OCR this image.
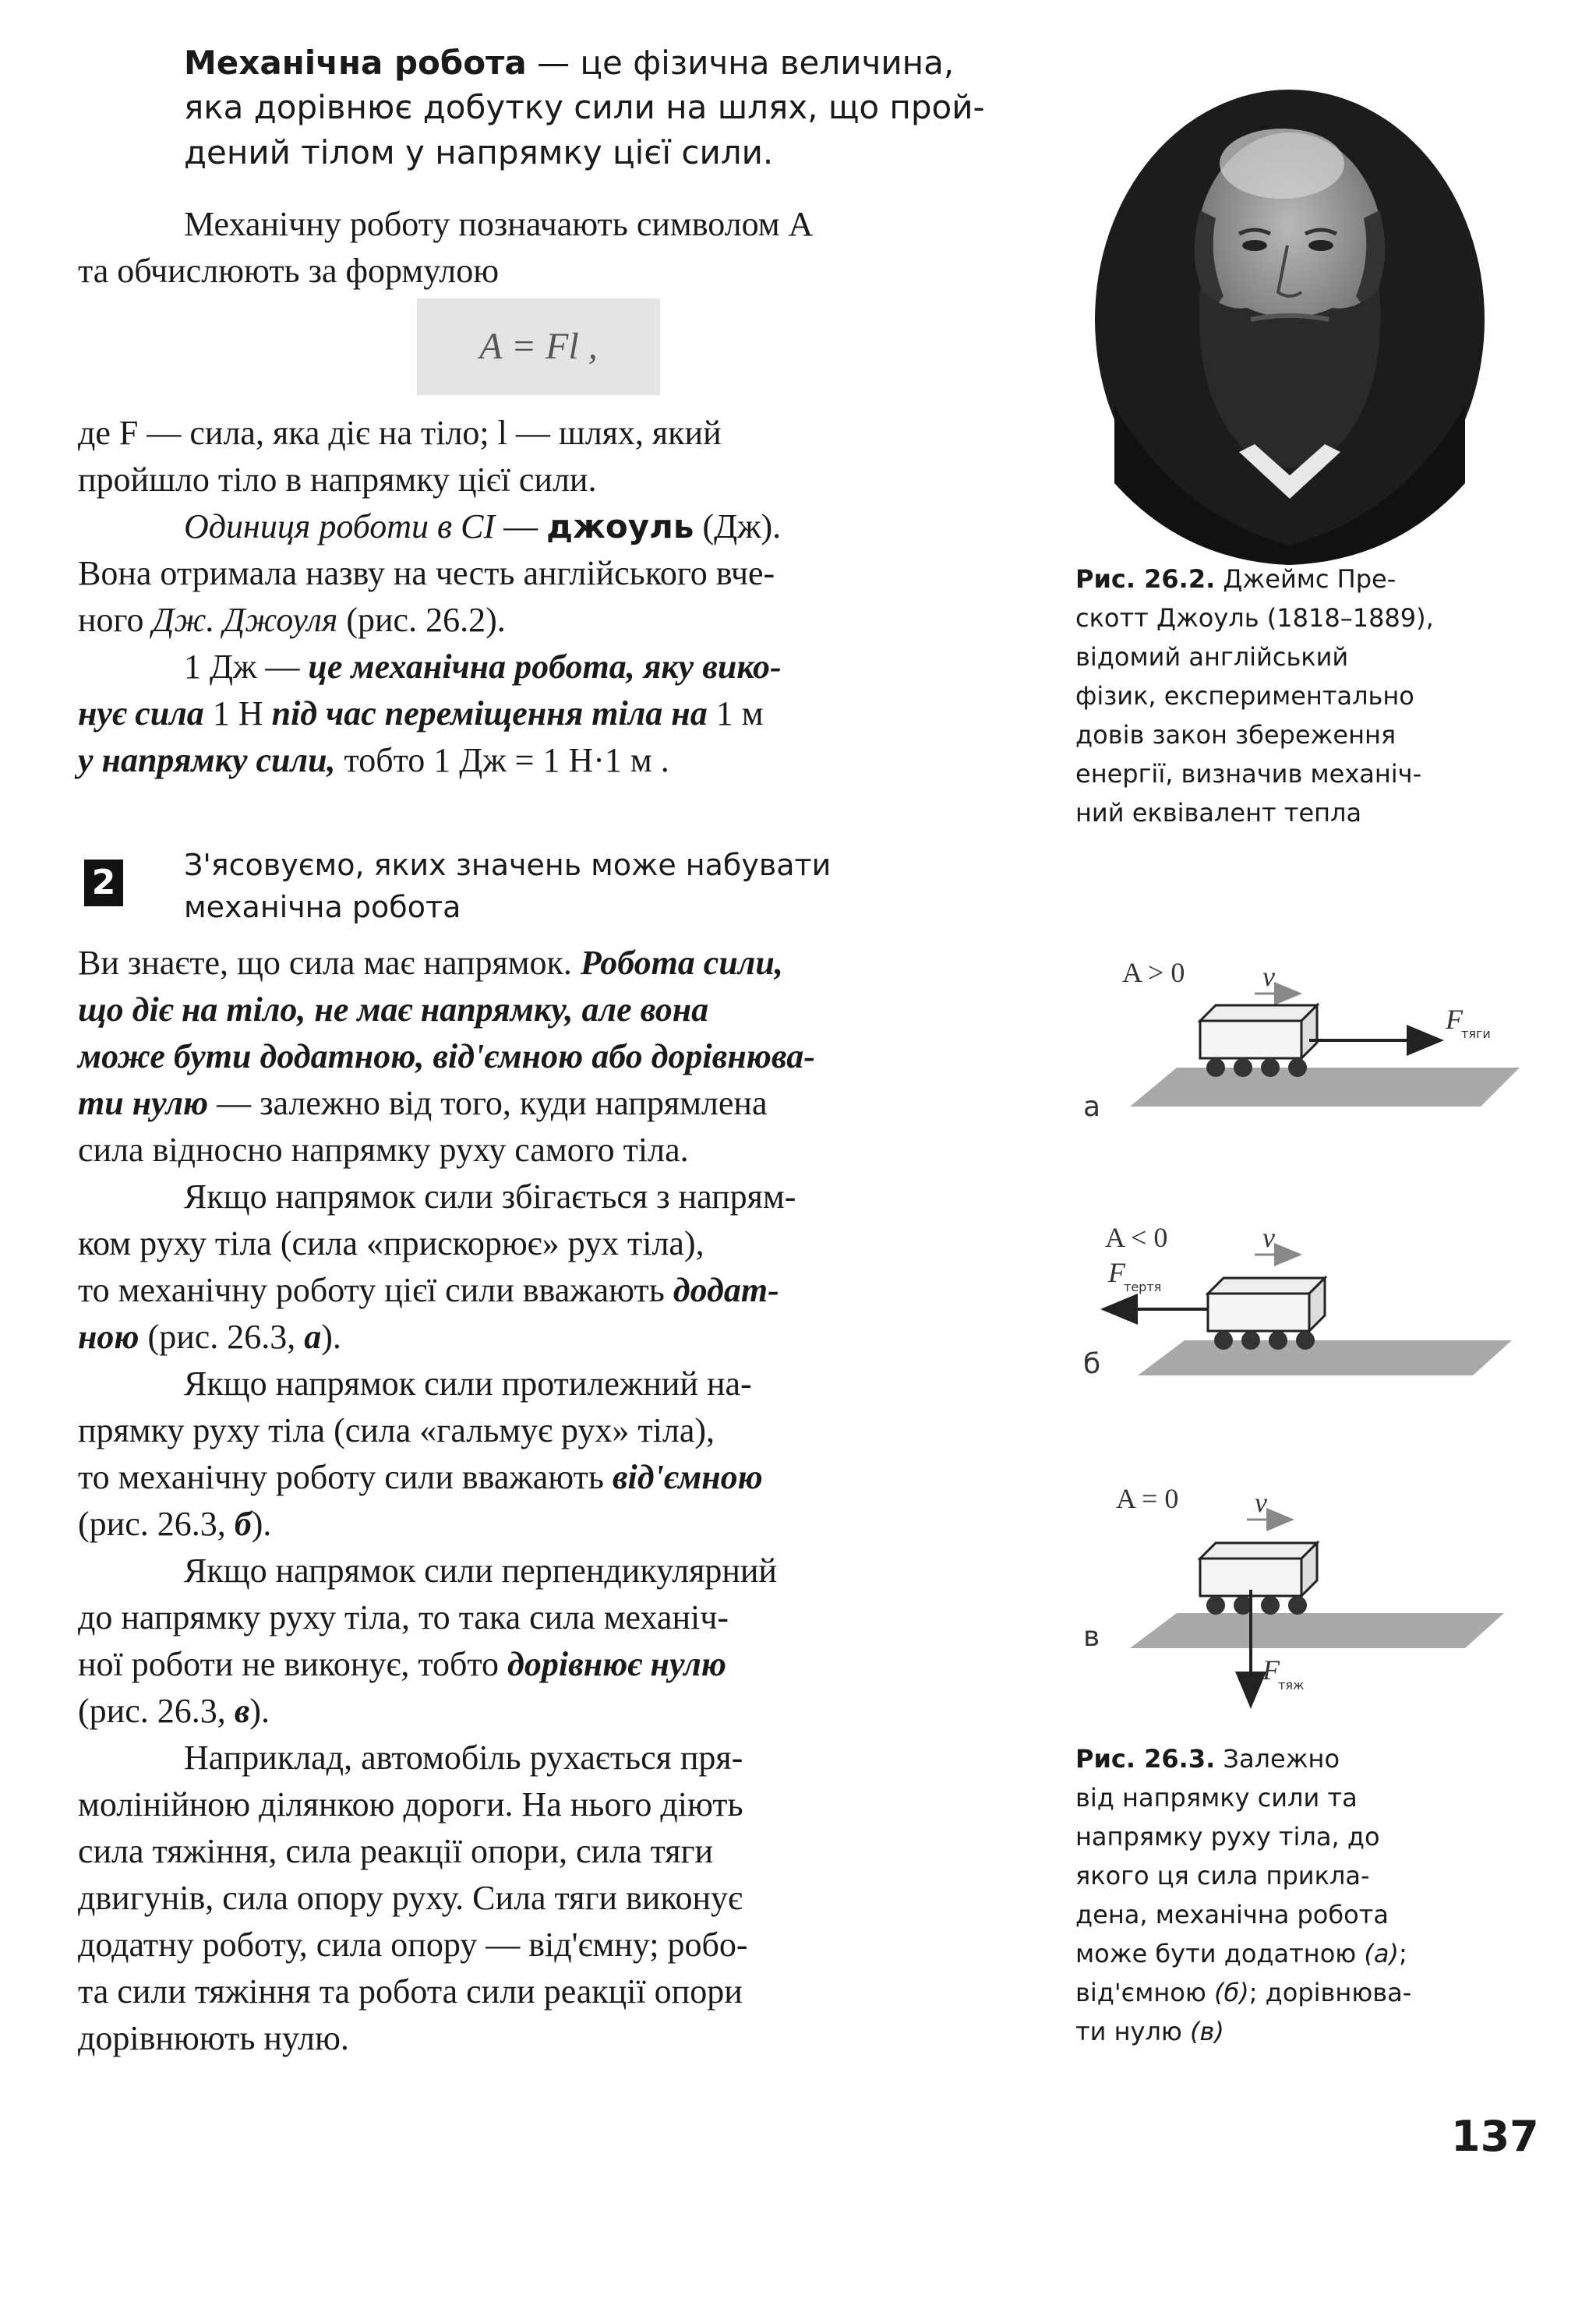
Механічна робота — це фізична величина,
яка дорівнює добутку сили на шлях, що прой-
дений тілом у напрямку цієї сили.
Механічну роботу позначають символом A
та обчислюють за формулою
A = Fl ,
де F — сила, яка діє на тіло; l — шлях, який
пройшло тіло в напрямку цієї сили.
Одиниця роботи в СІ — джоуль (Дж).
Вона отримала назву на честь англійського вче-
ного Дж. Джоуля (рис. 26.2).
1 Дж — це механічна робота, яку вико-
нує сила 1 Н під час переміщення тіла на 1 м
у напрямку сили, тобто 1 Дж = 1 Н·1 м .
2 З'ясовуємо, яких значень може набувати
механічна робота
Ви знаєте, що сила має напрямок. Робота сили,
що діє на тіло, не має напрямку, але вона
може бути додатною, від'ємною або дорівнюва-
ти нулю — залежно від того, куди напрямлена
сила відносно напрямку руху самого тіла.
Якщо напрямок сили збігається з напрям-
ком руху тіла (сила «прискорює» рух тіла),
то механічну роботу цієї сили вважають додат-
ною (рис. 26.3, а).
Якщо напрямок сили протилежний на-
прямку руху тіла (сила «гальмує рух» тіла),
то механічну роботу сили вважають від'ємною
(рис. 26.3, б).
Якщо напрямок сили перпендикулярний
до напрямку руху тіла, то така сила механіч-
ної роботи не виконує, тобто дорівнює нулю
(рис. 26.3, в).
Наприклад, автомобіль рухається пря-
молінійною ділянкою дороги. На нього діють
сила тяжіння, сила реакції опори, сила тяги
двигунів, сила опору руху. Сила тяги виконує
додатну роботу, сила опору — від'ємну; робо-
та сили тяжіння та робота сили реакції опори
дорівнюють нулю.
Рис. 26.2. Джеймс Пре-
скотт Джоуль (1818–1889),
відомий англійський
фізик, експериментально
довів закон збереження
енергії, визначив механіч-
ний еквівалент тепла
а
A > 0	v
F
тяги
б
A < 0	v
F
тертя
в
A = 0	v
F
тяж
Рис. 26.3. Залежно
від напрямку сили та
напрямку руху тіла, до
якого ця сила прикла-
дена, механічна робота
може бути додатною (а);
від'ємною (б); дорівнюва-
ти нулю (в)
137
